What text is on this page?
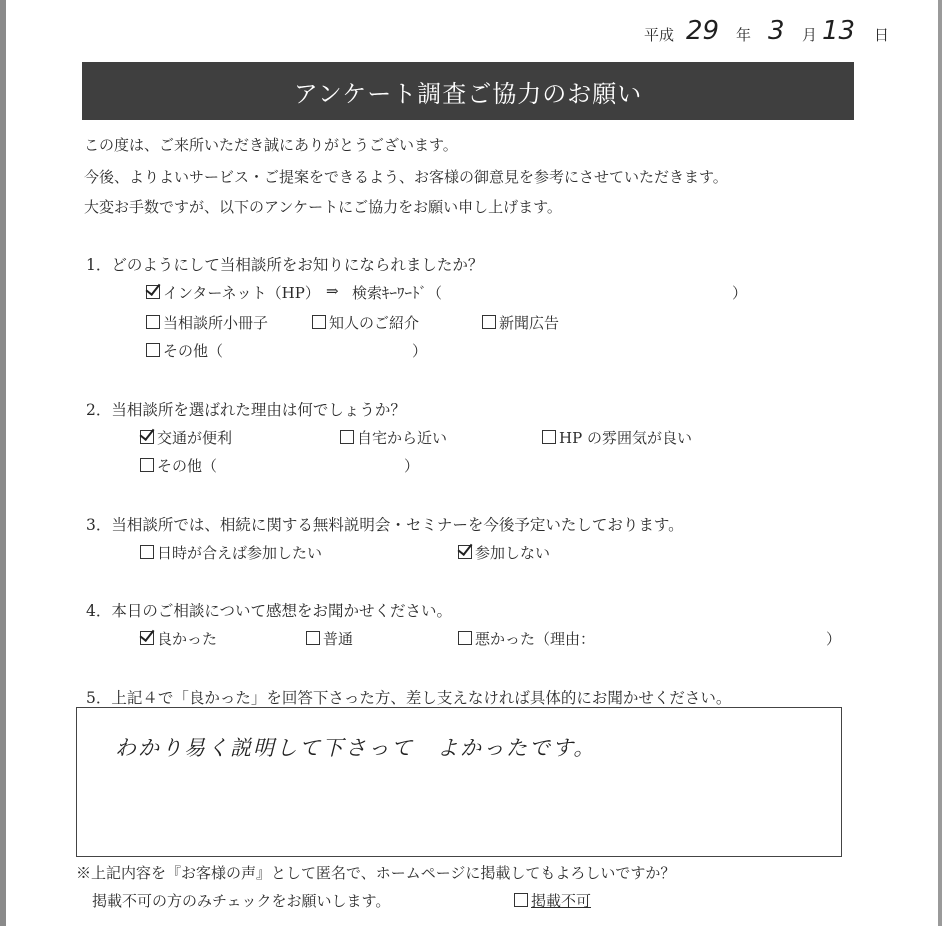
平成 29 年 3 月 13 日
アンケート調査ご協力のお願い
この度は、ご来所いただき誠にありがとうございます。
今後、よりよいサービス・ご提案をできるよう、お客様の御意見を参考にさせていただきます。
大変お手数ですが、以下のアンケートにご協力をお願い申し上げます。
1．どのようにして当相談所をお知りになられましたか？
インターネット（HP） ⇒ 検索ｷｰﾜｰﾄﾞ（	）
当相談所小冊子	知人のご紹介	新聞広告
その他（	）
2．当相談所を選ばれた理由は何でしょうか？
交通が便利	自宅から近い	HP の雰囲気が良い
その他（	）
3．当相談所では、相続に関する無料説明会・セミナーを今後予定いたしております。
日時が合えば参加したい	参加しない
4．本日のご相談について感想をお聞かせください。
良かった	普通	悪かった（理由：	）
5．上記４で「良かった」を回答下さった方、差し支えなければ具体的にお聞かせください。
わかり易く説明して下さって　よかったです。
※上記内容を『お客様の声』として匿名で、ホームページに掲載してもよろしいですか？
掲載不可の方のみチェックをお願いします。	掲載不可
